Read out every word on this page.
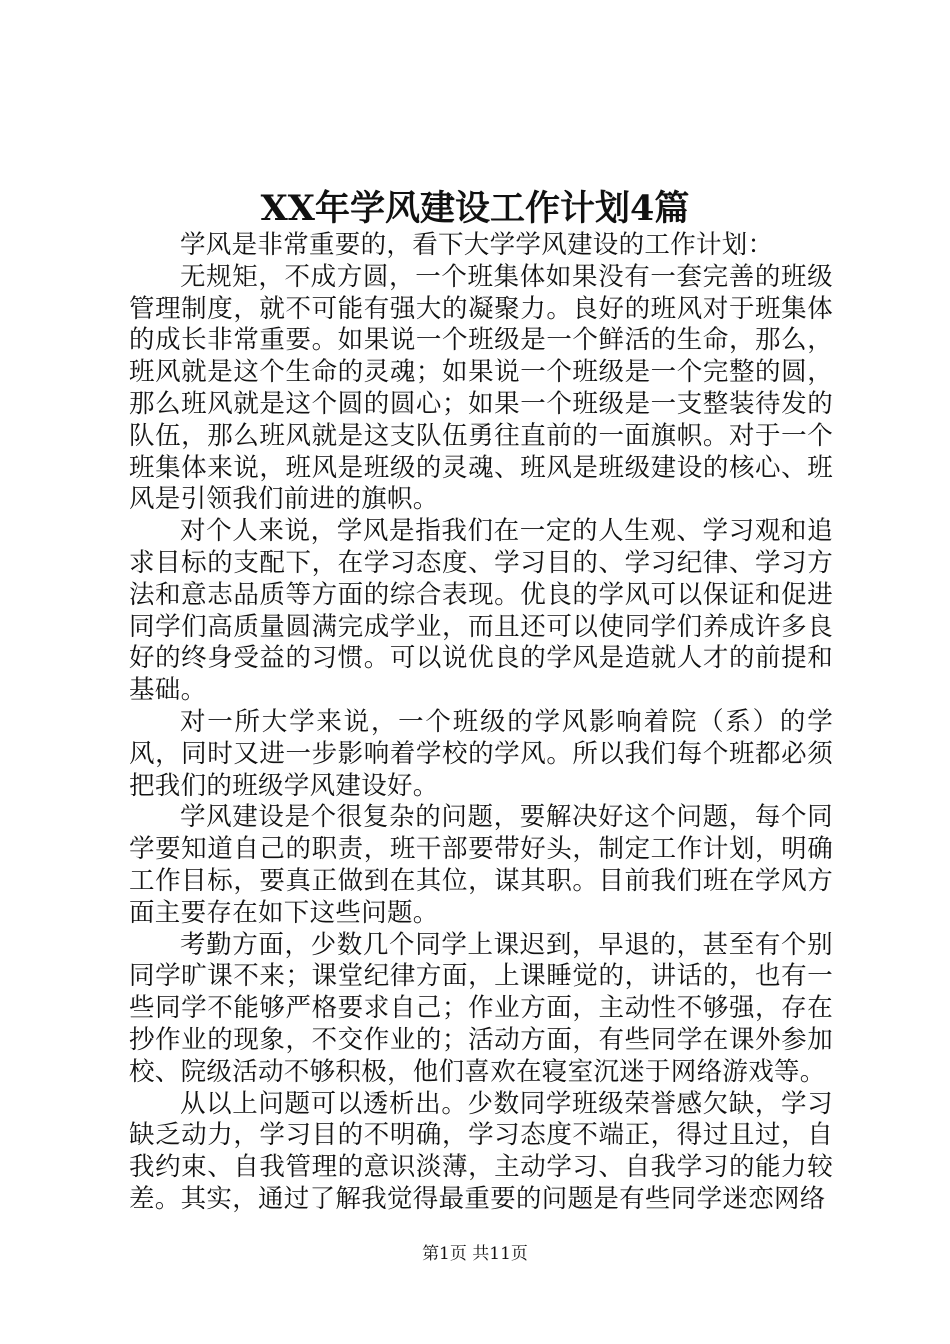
XX年学风建设工作计划4篇

学风是非常重要的，看下大学学风建设的工作计划：

无规矩，不成方圆，一个班集体如果没有一套完善的班级管理制度，就不可能有强大的凝聚力。良好的班风对于班集体的成长非常重要。如果说一个班级是一个鲜活的生命，那么，班风就是这个生命的灵魂；如果说一个班级是一个完整的圆，那么班风就是这个圆的圆心；如果一个班级是一支整装待发的队伍，那么班风就是这支队伍勇往直前的一面旗帜。对于一个班集体来说，班风是班级的灵魂、班风是班级建设的核心、班风是引领我们前进的旗帜。

对个人来说，学风是指我们在一定的人生观、学习观和追求目标的支配下，在学习态度、学习目的、学习纪律、学习方法和意志品质等方面的综合表现。优良的学风可以保证和促进同学们高质量圆满完成学业，而且还可以使同学们养成许多良好的终身受益的习惯。可以说优良的学风是造就人才的前提和基础。

对一所大学来说，一个班级的学风影响着院（系）的学风，同时又进一步影响着学校的学风。所以我们每个班都必须把我们的班级学风建设好。

学风建设是个很复杂的问题，要解决好这个问题，每个同学要知道自己的职责，班干部要带好头，制定工作计划，明确工作目标，要真正做到在其位，谋其职。目前我们班在学风方面主要存在如下这些问题。

考勤方面，少数几个同学上课迟到，早退的，甚至有个别同学旷课不来；课堂纪律方面，上课睡觉的，讲话的，也有一些同学不能够严格要求自己；作业方面，主动性不够强，存在抄作业的现象，不交作业的；活动方面，有些同学在课外参加校、院级活动不够积极，他们喜欢在寝室沉迷于网络游戏等。

从以上问题可以透析出。少数同学班级荣誉感欠缺，学习缺乏动力，学习目的不明确，学习态度不端正，得过且过，自我约束、自我管理的意识淡薄，主动学习、自我学习的能力较差。其实，通过了解我觉得最重要的问题是有些同学迷恋网络

第1页 共11页
